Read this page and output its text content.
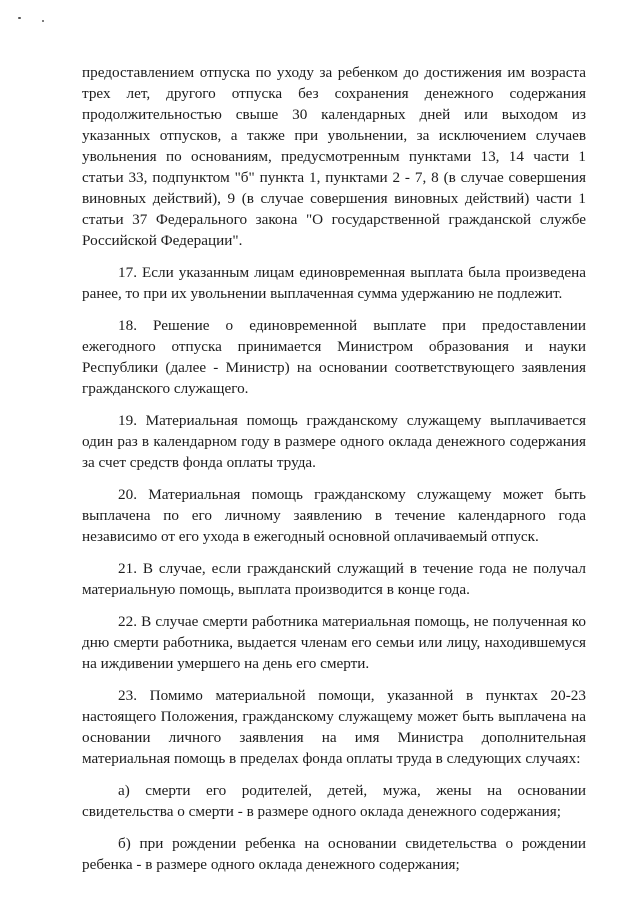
предоставлением отпуска по уходу за ребенком до достижения им возраста трех лет, другого отпуска без сохранения денежного содержания продолжительностью свыше 30 календарных дней или выходом из указанных отпусков, а также при увольнении, за исключением случаев увольнения по основаниям, предусмотренным пунктами 13, 14 части 1 статьи 33, подпунктом "б" пункта 1, пунктами 2 - 7, 8 (в случае совершения виновных действий), 9 (в случае совершения виновных действий) части 1 статьи 37 Федерального закона "О государственной гражданской службе Российской Федерации".

17. Если указанным лицам единовременная выплата была произведена ранее, то при их увольнении выплаченная сумма удержанию не подлежит.

18. Решение о единовременной выплате при предоставлении ежегодного отпуска принимается Министром образования и науки Республики (далее - Министр) на основании соответствующего заявления гражданского служащего.

19. Материальная помощь гражданскому служащему выплачивается один раз в календарном году в размере одного оклада денежного содержания за счет средств фонда оплаты труда.

20. Материальная помощь гражданскому служащему может быть выплачена по его личному заявлению в течение календарного года независимо от его ухода в ежегодный основной оплачиваемый отпуск.

21. В случае, если гражданский служащий в течение года не получал материальную помощь, выплата производится в конце года.

22. В случае смерти работника материальная помощь, не полученная ко дню смерти работника, выдается членам его семьи или лицу, находившемуся на иждивении умершего на день его смерти.

23. Помимо материальной помощи, указанной в пунктах 20-23 настоящего Положения, гражданскому служащему может быть выплачена на основании личного заявления на имя Министра дополнительная материальная помощь в пределах фонда оплаты труда в следующих случаях:

а) смерти его родителей, детей, мужа, жены на основании свидетельства о смерти - в размере одного оклада денежного содержания;

б) при рождении ребенка на основании свидетельства о рождении ребенка - в размере одного оклада денежного содержания;
